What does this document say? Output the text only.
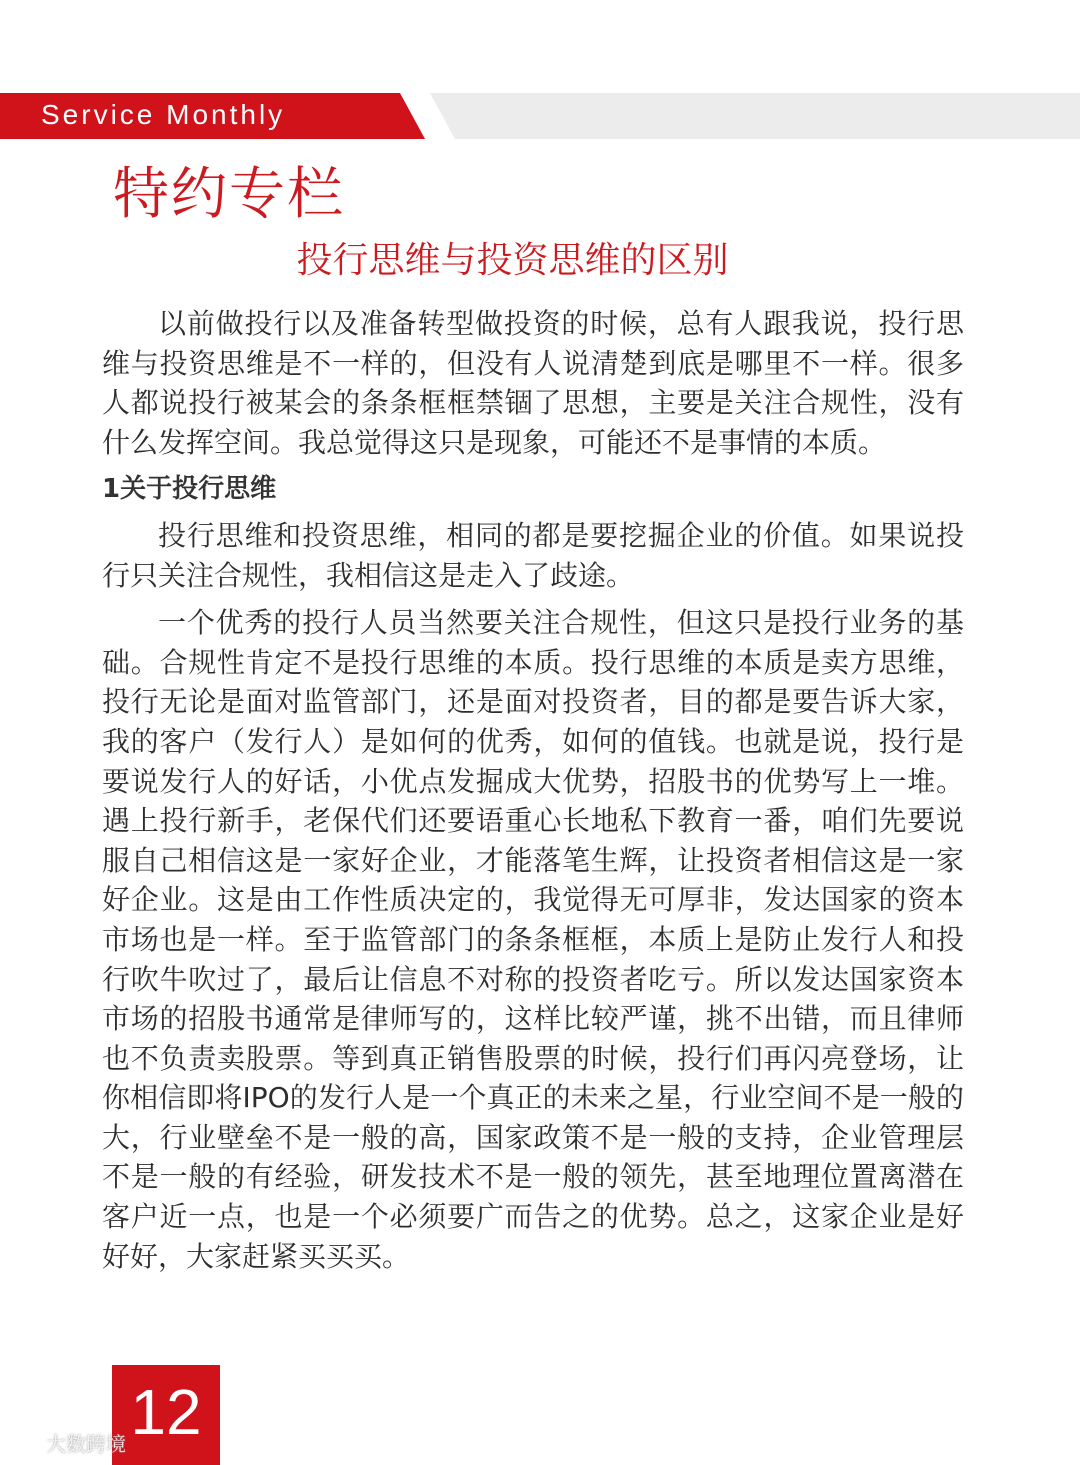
Service Monthly
特约专栏
投行思维与投资思维的区别

以前做投行以及准备转型做投资的时候，总有人跟我说，投行思维与投资思维是不一样的，但没有人说清楚到底是哪里不一样。很多人都说投行被某会的条条框框禁锢了思想，主要是关注合规性，没有什么发挥空间。我总觉得这只是现象，可能还不是事情的本质。

1关于投行思维

投行思维和投资思维，相同的都是要挖掘企业的价值。如果说投行只关注合规性，我相信这是走入了歧途。

一个优秀的投行人员当然要关注合规性，但这只是投行业务的基础。合规性肯定不是投行思维的本质。投行思维的本质是卖方思维，投行无论是面对监管部门，还是面对投资者，目的都是要告诉大家，我的客户（发行人）是如何的优秀，如何的值钱。也就是说，投行是要说发行人的好话，小优点发掘成大优势，招股书的优势写上一堆。遇上投行新手，老保代们还要语重心长地私下教育一番，咱们先要说服自己相信这是一家好企业，才能落笔生辉，让投资者相信这是一家好企业。这是由工作性质决定的，我觉得无可厚非，发达国家的资本市场也是一样。至于监管部门的条条框框，本质上是防止发行人和投行吹牛吹过了，最后让信息不对称的投资者吃亏。所以发达国家资本市场的招股书通常是律师写的，这样比较严谨，挑不出错，而且律师也不负责卖股票。等到真正销售股票的时候，投行们再闪亮登场，让你相信即将IPO的发行人是一个真正的未来之星，行业空间不是一般的大，行业壁垒不是一般的高，国家政策不是一般的支持，企业管理层不是一般的有经验，研发技术不是一般的领先，甚至地理位置离潜在客户近一点，也是一个必须要广而告之的优势。总之，这家企业是好好好，大家赶紧买买买。

12
大数跨境
